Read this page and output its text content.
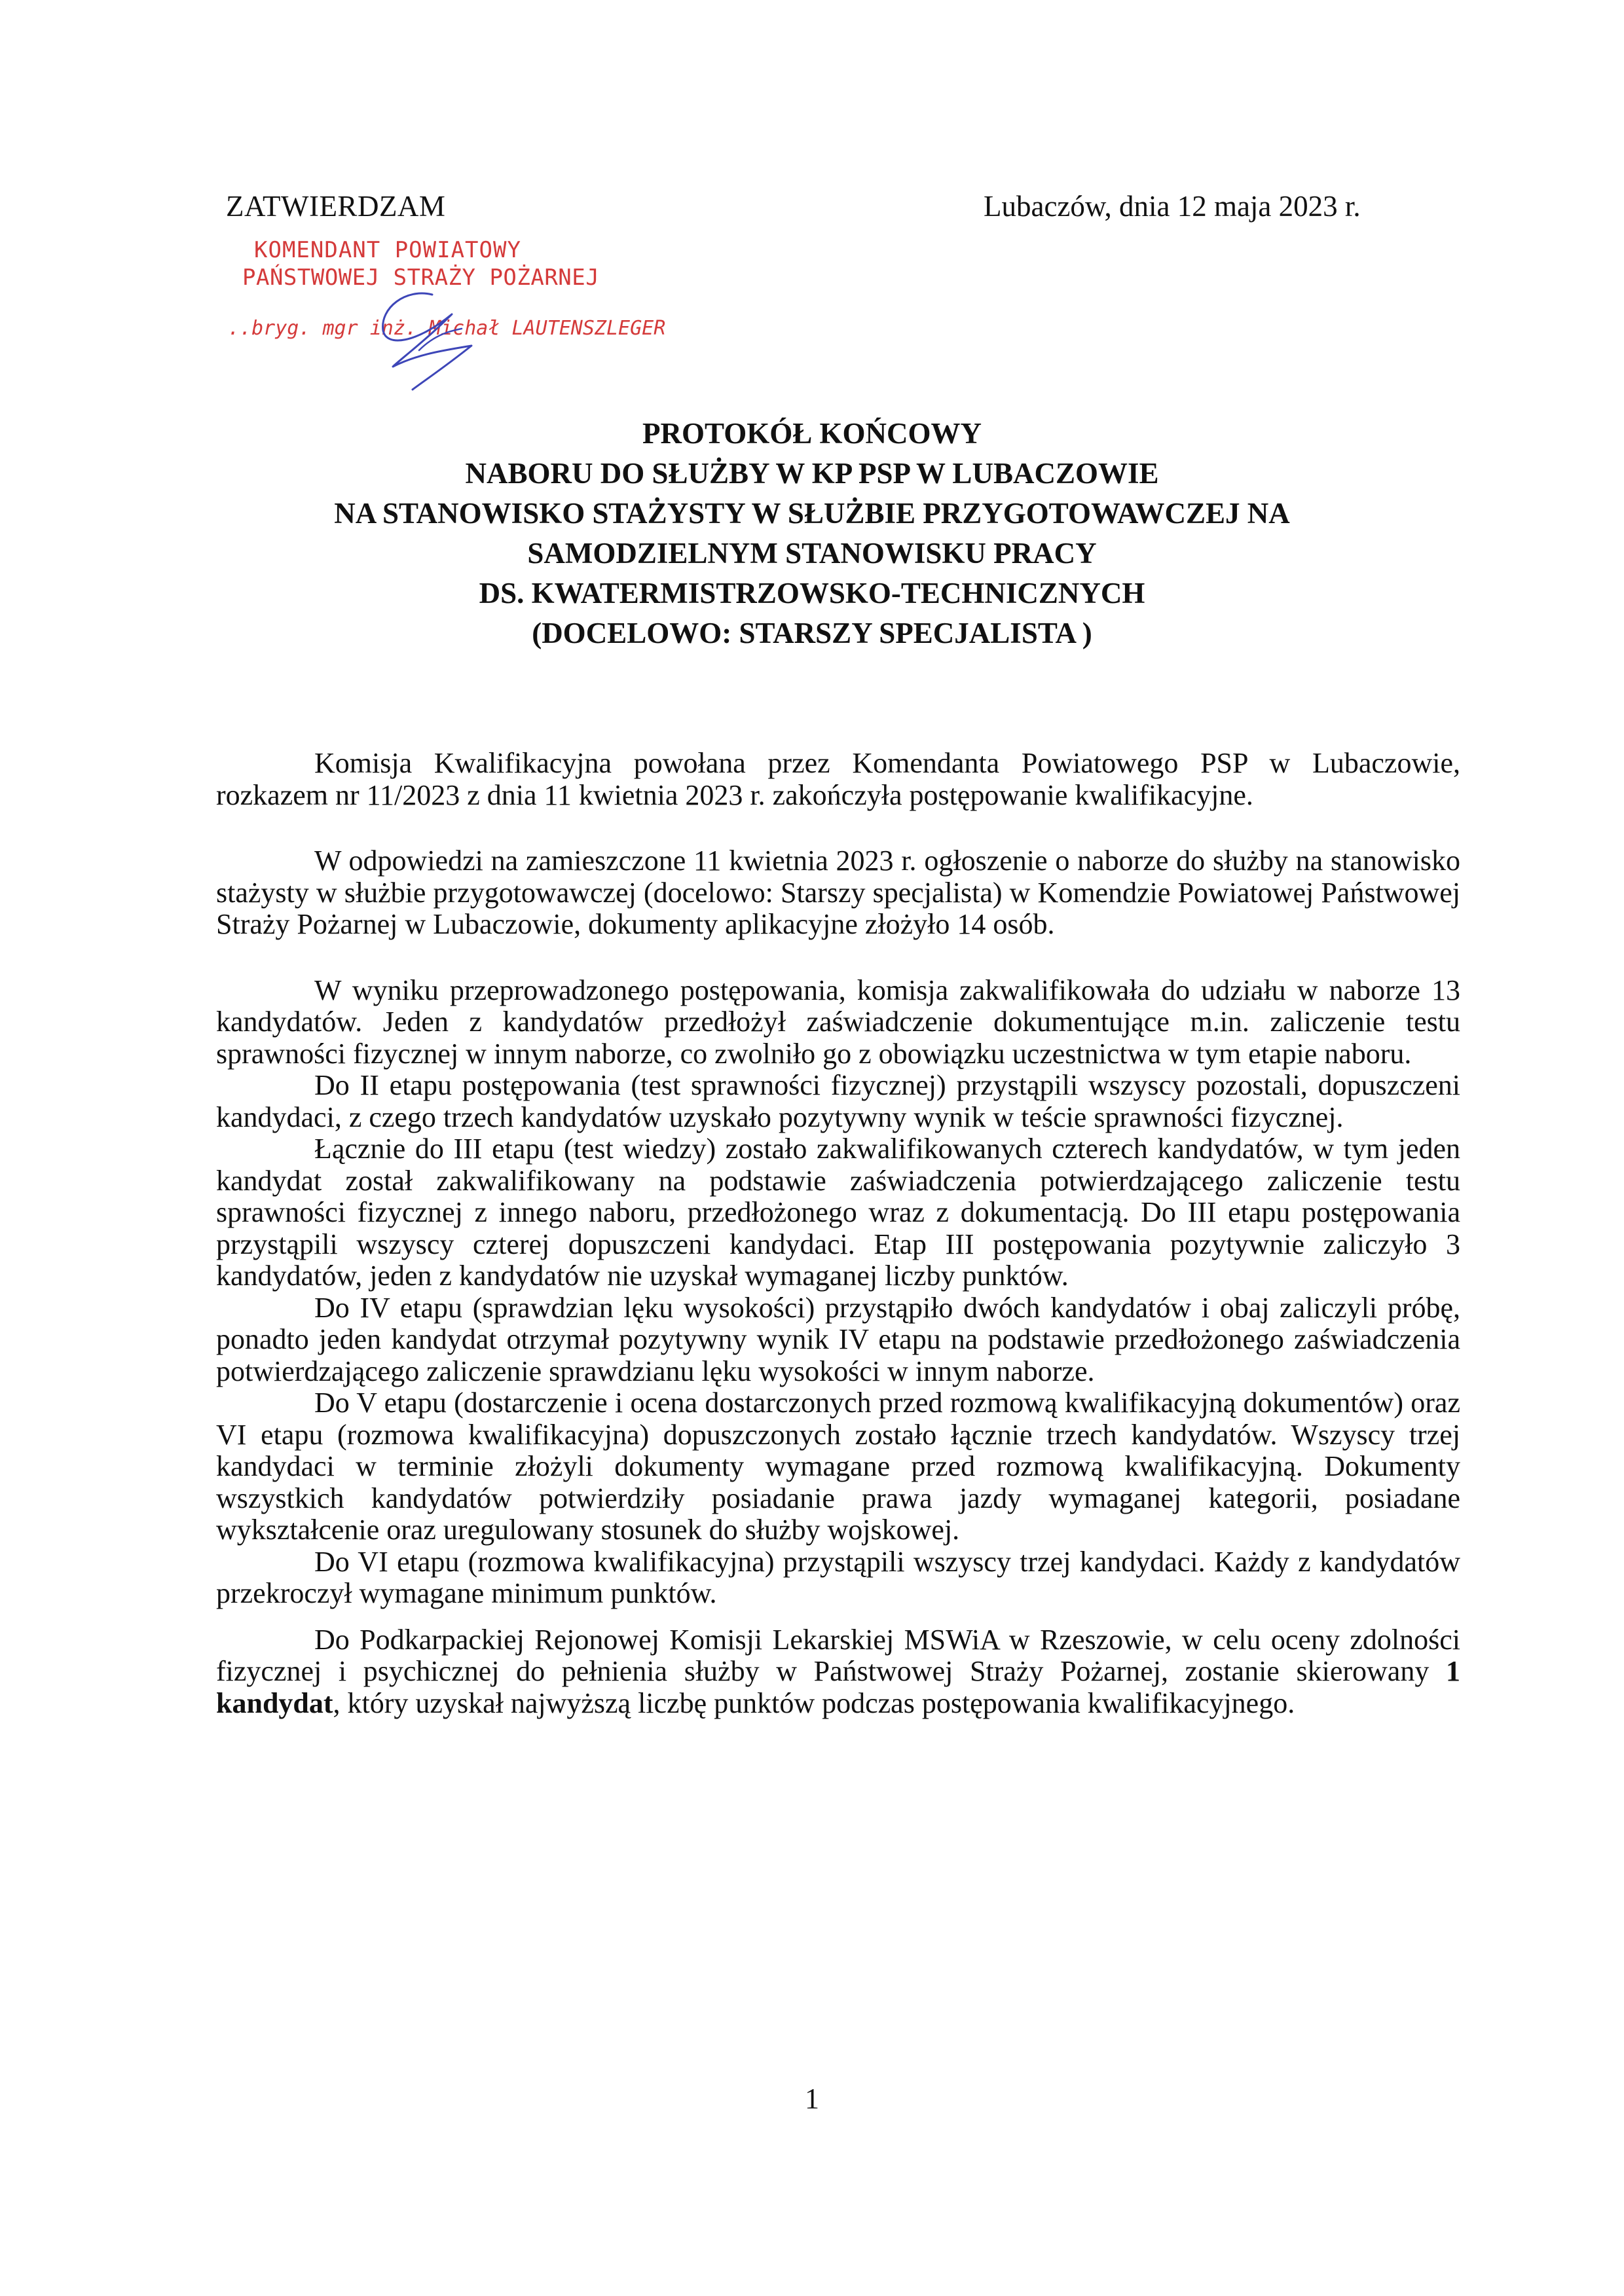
ZATWIERDZAM	Lubaczów, dnia 12 maja 2023 r.
KOMENDANT POWIATOWY
PAŃSTWOWEJ STRAŻY POŻARNEJ
..bryg. mgr inż. Michał LAUTENSZLEGER
PROTOKÓŁ KOŃCOWY
NABORU DO SŁUŻBY W KP PSP W LUBACZOWIE
NA STANOWISKO STAŻYSTY W SŁUŻBIE PRZYGOTOWAWCZEJ NA
SAMODZIELNYM STANOWISKU PRACY
DS. KWATERMISTRZOWSKO-TECHNICZNYCH
(DOCELOWO: STARSZY SPECJALISTA )

Komisja Kwalifikacyjna powołana przez Komendanta Powiatowego PSP w Lubaczowie, rozkazem nr 11/2023 z dnia 11 kwietnia 2023 r. zakończyła postępowanie kwalifikacyjne.

W odpowiedzi na zamieszczone 11 kwietnia 2023 r. ogłoszenie o naborze do służby na stanowisko stażysty w służbie przygotowawczej (docelowo: Starszy specjalista) w Komendzie Powiatowej Państwowej Straży Pożarnej w Lubaczowie, dokumenty aplikacyjne złożyło 14 osób.

W wyniku przeprowadzonego postępowania, komisja zakwalifikowała do udziału w naborze 13 kandydatów. Jeden z kandydatów przedłożył zaświadczenie dokumentujące m.in. zaliczenie testu sprawności fizycznej w innym naborze, co zwolniło go z obowiązku uczestnictwa w tym etapie naboru.

Do II etapu postępowania (test sprawności fizycznej) przystąpili wszyscy pozostali, dopuszczeni kandydaci, z czego trzech kandydatów uzyskało pozytywny wynik w teście sprawności fizycznej.

Łącznie do III etapu (test wiedzy) zostało zakwalifikowanych czterech kandydatów, w tym jeden kandydat został zakwalifikowany na podstawie zaświadczenia potwierdzającego zaliczenie testu sprawności fizycznej z innego naboru, przedłożonego wraz z dokumentacją. Do III etapu postępowania przystąpili wszyscy czterej dopuszczeni kandydaci. Etap III postępowania pozytywnie zaliczyło 3 kandydatów, jeden z kandydatów nie uzyskał wymaganej liczby punktów.

Do IV etapu (sprawdzian lęku wysokości) przystąpiło dwóch kandydatów i obaj zaliczyli próbę, ponadto jeden kandydat otrzymał pozytywny wynik IV etapu na podstawie przedłożonego zaświadczenia potwierdzającego zaliczenie sprawdzianu lęku wysokości w innym naborze.

Do V etapu (dostarczenie i ocena dostarczonych przed rozmową kwalifikacyjną dokumentów) oraz VI etapu (rozmowa kwalifikacyjna) dopuszczonych zostało łącznie trzech kandydatów. Wszyscy trzej kandydaci w terminie złożyli dokumenty wymagane przed rozmową kwalifikacyjną. Dokumenty wszystkich kandydatów potwierdziły posiadanie prawa jazdy wymaganej kategorii, posiadane wykształcenie oraz uregulowany stosunek do służby wojskowej.

Do VI etapu (rozmowa kwalifikacyjna) przystąpili wszyscy trzej kandydaci. Każdy z kandydatów przekroczył wymagane minimum punktów.

Do Podkarpackiej Rejonowej Komisji Lekarskiej MSWiA w Rzeszowie, w celu oceny zdolności fizycznej i psychicznej do pełnienia służby w Państwowej Straży Pożarnej, zostanie skierowany 1 kandydat, który uzyskał najwyższą liczbę punktów podczas postępowania kwalifikacyjnego.

1
